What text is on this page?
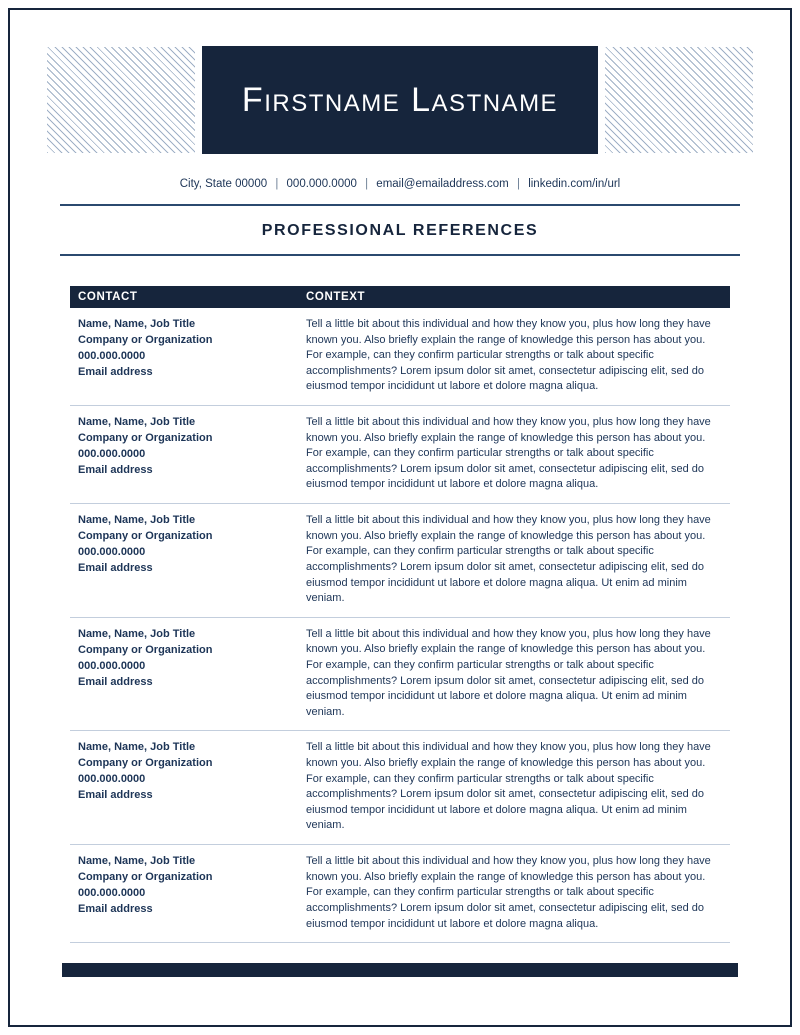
Firstname Lastname
City, State 00000 | 000.000.0000 | email@emailaddress.com | linkedin.com/in/url
PROFESSIONAL REFERENCES
CONTACT	CONTEXT

Name, Name, Job Title
Company or Organization
000.000.0000
Email address
	Tell a little bit about this individual and how they know you, plus how long they have known you. Also briefly explain the range of knowledge this person has about you. For example, can they confirm particular strengths or talk about specific accomplishments? Lorem ipsum dolor sit amet, consectetur adipiscing elit, sed do eiusmod tempor incididunt ut labore et dolore magna aliqua.

Name, Name, Job Title
Company or Organization
000.000.0000
Email address
	Tell a little bit about this individual and how they know you, plus how long they have known you. Also briefly explain the range of knowledge this person has about you. For example, can they confirm particular strengths or talk about specific accomplishments? Lorem ipsum dolor sit amet, consectetur adipiscing elit, sed do eiusmod tempor incididunt ut labore et dolore magna aliqua.

Name, Name, Job Title
Company or Organization
000.000.0000
Email address
	Tell a little bit about this individual and how they know you, plus how long they have known you. Also briefly explain the range of knowledge this person has about you. For example, can they confirm particular strengths or talk about specific accomplishments? Lorem ipsum dolor sit amet, consectetur adipiscing elit, sed do eiusmod tempor incididunt ut labore et dolore magna aliqua. Ut enim ad minim veniam.

Name, Name, Job Title
Company or Organization
000.000.0000
Email address
	Tell a little bit about this individual and how they know you, plus how long they have known you. Also briefly explain the range of knowledge this person has about you. For example, can they confirm particular strengths or talk about specific accomplishments? Lorem ipsum dolor sit amet, consectetur adipiscing elit, sed do eiusmod tempor incididunt ut labore et dolore magna aliqua. Ut enim ad minim veniam.

Name, Name, Job Title
Company or Organization
000.000.0000
Email address
	Tell a little bit about this individual and how they know you, plus how long they have known you. Also briefly explain the range of knowledge this person has about you. For example, can they confirm particular strengths or talk about specific accomplishments? Lorem ipsum dolor sit amet, consectetur adipiscing elit, sed do eiusmod tempor incididunt ut labore et dolore magna aliqua. Ut enim ad minim veniam.

Name, Name, Job Title
Company or Organization
000.000.0000
Email address
	Tell a little bit about this individual and how they know you, plus how long they have known you. Also briefly explain the range of knowledge this person has about you. For example, can they confirm particular strengths or talk about specific accomplishments? Lorem ipsum dolor sit amet, consectetur adipiscing elit, sed do eiusmod tempor incididunt ut labore et dolore magna aliqua.
